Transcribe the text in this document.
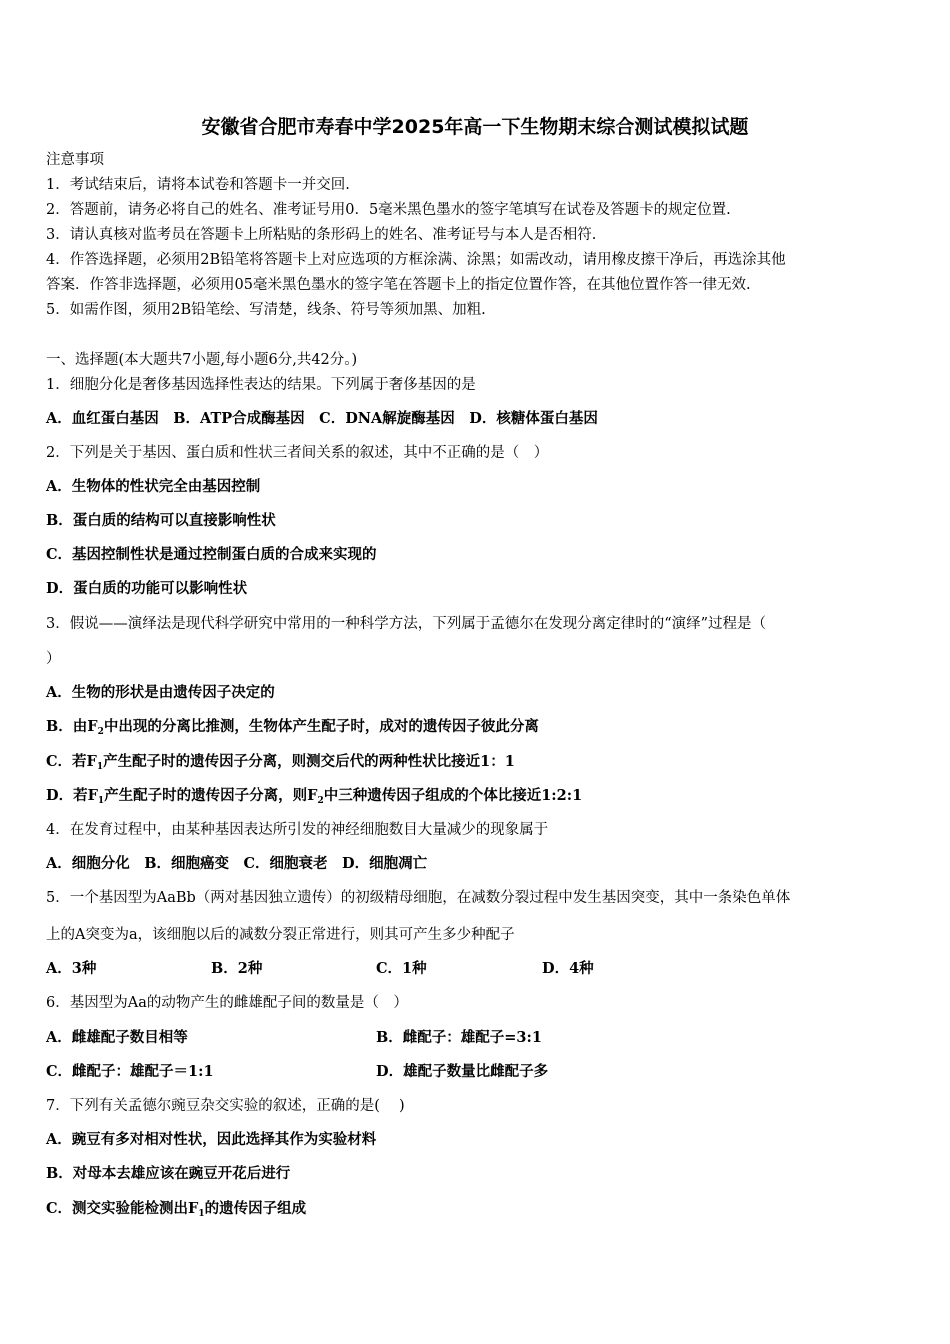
安徽省合肥市寿春中学2025年高一下生物期末综合测试模拟试题
注意事项
1．考试结束后，请将本试卷和答题卡一并交回.
2．答题前，请务必将自己的姓名、准考证号用0．5毫米黑色墨水的签字笔填写在试卷及答题卡的规定位置.
3．请认真核对监考员在答题卡上所粘贴的条形码上的姓名、准考证号与本人是否相符.
4．作答选择题，必须用2B铅笔将答题卡上对应选项的方框涂满、涂黑；如需改动，请用橡皮擦干净后，再选涂其他
答案．作答非选择题，必须用05毫米黑色墨水的签字笔在答题卡上的指定位置作答，在其他位置作答一律无效.
5．如需作图，须用2B铅笔绘、写清楚，线条、符号等须加黑、加粗.
一、选择题(本大题共7小题,每小题6分,共42分。)
1．细胞分化是奢侈基因选择性表达的结果。下列属于奢侈基因的是
A．血红蛋白基因　B．ATP合成酶基因　C．DNA解旋酶基因　D．核糖体蛋白基因
2．下列是关于基因、蛋白质和性状三者间关系的叙述，其中不正确的是（　）
A．生物体的性状完全由基因控制
B．蛋白质的结构可以直接影响性状
C．基因控制性状是通过控制蛋白质的合成来实现的
D．蛋白质的功能可以影响性状
3．假说——演绎法是现代科学研究中常用的一种科学方法，下列属于孟德尔在发现分离定律时的“演绎”过程是（
）
A．生物的形状是由遗传因子决定的
B．由$F_2$中出现的分离比推测，生物体产生配子时，成对的遗传因子彼此分离
C．若$F_1$产生配子时的遗传因子分离，则测交后代的两种性状比接近1：1
D．若$F_1$产生配子时的遗传因子分离，则$F_2$中三种遗传因子组成的个体比接近1:2:1
4．在发育过程中，由某种基因表达所引发的神经细胞数目大量减少的现象属于
A．细胞分化　B．细胞癌变　C．细胞衰老　D．细胞凋亡
5．一个基因型为AaBb（两对基因独立遗传）的初级精母细胞，在减数分裂过程中发生基因突变，其中一条染色单体
上的A突变为a，该细胞以后的减数分裂正常进行，则其可产生多少种配子
A．3种	B．2种	C．1种	D．4种
6．基因型为Aa的动物产生的雌雄配子间的数量是（　）
A．雌雄配子数目相等	B．雌配子：雄配子=3:1
C．雌配子：雄配子＝1:1	D．雄配子数量比雌配子多
7．下列有关孟德尔豌豆杂交实验的叙述，正确的是(　 )
A．豌豆有多对相对性状，因此选择其作为实验材料
B．对母本去雄应该在豌豆开花后进行
C．测交实验能检测出$F_1$的遗传因子组成
